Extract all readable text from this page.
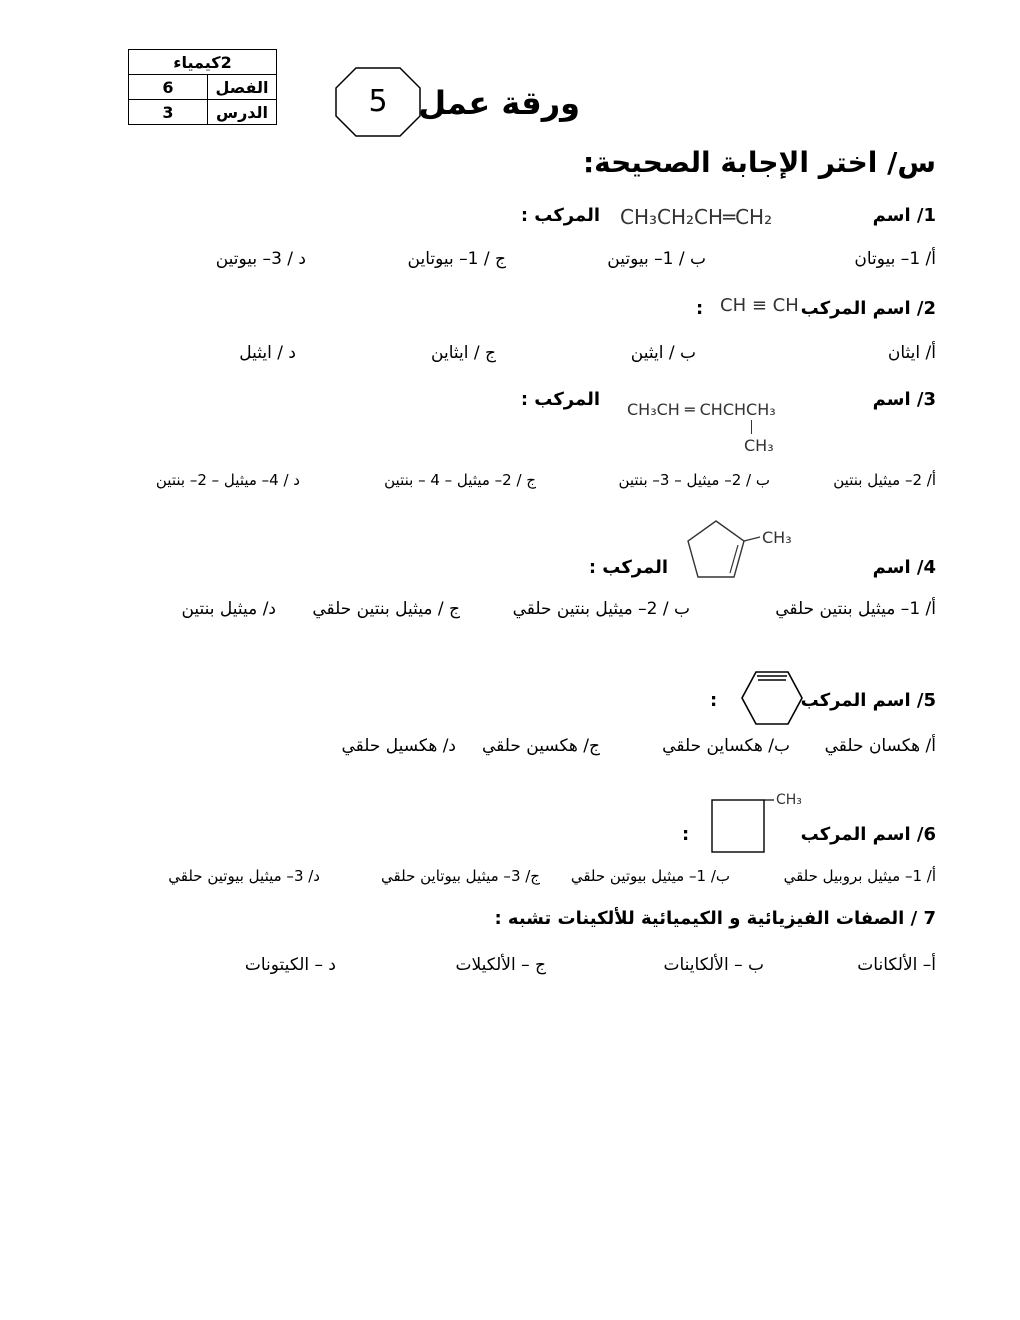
2كيمياء	
6	الفصل
3	الدرس	5 ورقة عمل
س/ اختر الإجابة الصحيحة:
1/ اسم
CH₃CH₂CH═CH₂
المركب :
أ/ 1– بيوتان
ب / 1– بيوتين
ج / 1– بيوتاين
د / 3– بيوتين
2/ اسم المركب
CH ≡ CH
:
أ/ ايثان
ب / ايثين
ج / ايثاين
د / ايثيل
3/ اسم
CH₃CH ═ CHCHCH₃
CH₃
المركب :
أ/ 2– ميثيل بنتين
ب / 2– ميثيل – 3– بنتين
ج / 2– ميثيل – 4 – بنتين
د / 4– ميثيل – 2– بنتين
4/ اسم
CH₃
المركب :
أ/ 1– ميثيل بنتين حلقي
ب / 2– ميثيل بنتين حلقي
ج / ميثيل بنتين حلقي
د/ ميثيل بنتين
5/ اسم المركب
:
أ/ هكسان حلقي
ب/ هكساين حلقي
ج/ هكسين حلقي
د/ هكسيل حلقي
6/ اسم المركب
CH₃
:
أ/ 1– ميثيل بروبيل حلقي
ب/ 1– ميثيل بيوتين حلقي
ج/ 3– ميثيل بيوتاين حلقي
د/ 3– ميثيل بيوتين حلقي
7 / الصفات الفيزيائية و الكيميائية للألكينات تشبه :
أ– الألكانات
ب – الألكاينات
ج – الألكيلات
د – الكيتونات
